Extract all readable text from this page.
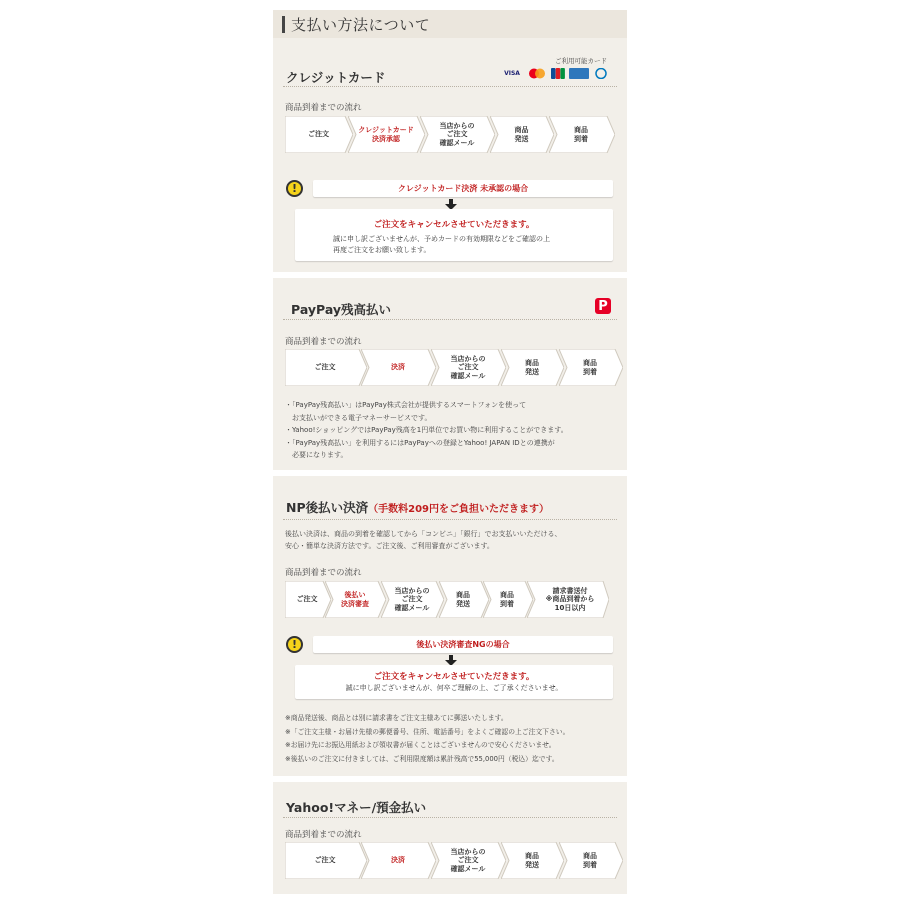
支払い方法について
ご利用可能カード
クレジットカード	VISA
商品到着までの流れ
ご注文
クレジットカード
決済承認
当店からの
ご注文
確認メール
商品
発送
商品
到着
!	クレジットカード決済 未承認の場合
ご注文をキャンセルさせていただきます。
誠に申し訳ございませんが、予めカードの有効期限などをご確認の上
再度ご注文をお願い致します。
PayPay残高払い	P
商品到着までの流れ
ご注文	決済
当店からの
ご注文
確認メール
商品
発送
商品
到着
・「PayPay残高払い」はPayPay株式会社が提供するスマートフォンを使って
　お支払いができる電子マネーサービスです。
・Yahoo!ショッピングではPayPay残高を1円単位でお買い物に利用することができます。
・「PayPay残高払い」を利用するにはPayPayへの登録とYahoo! JAPAN IDとの連携が
　必要になります。
NP後払い決済（手数料209円をご負担いただきます）
後払い決済は、商品の到着を確認してから「コンビニ」「銀行」でお支払いいただける、
安心・簡単な決済方法です。ご注文後、ご利用審査がございます。
商品到着までの流れ
ご注文
後払い
決済審査
当店からの
ご注文
確認メール
商品
発送
商品
到着
請求書送付
※商品到着から
10日以内
!	後払い決済審査NGの場合
ご注文をキャンセルさせていただきます。
誠に申し訳ございませんが、何卒ご理解の上、ご了承くださいませ。
※商品発送後、商品とは別に請求書をご注文主様あてに郵送いたします。
※「ご注文主様・お届け先様の郵便番号、住所、電話番号」をよくご確認の上ご注文下さい。
※お届け先にお振込用紙および領収書が届くことはございませんので安心くださいませ。
※後払いのご注文に付きましては、ご利用限度額は累計残高で55,000円（税込）迄です。
Yahoo!マネー/預金払い
商品到着までの流れ
ご注文	決済
当店からの
ご注文
確認メール
商品
発送
商品
到着
